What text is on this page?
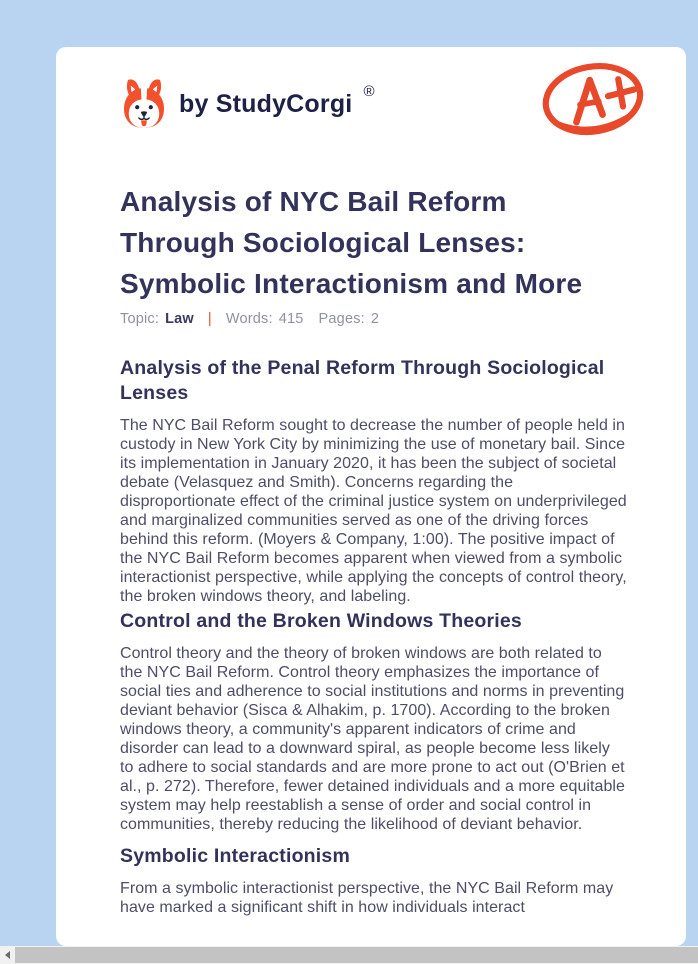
by StudyCorgi ®
Analysis of NYC Bail Reform
Through Sociological Lenses:
Symbolic Interactionism and More
Topic: Law | Words: 415 Pages: 2
Analysis of the Penal Reform Through Sociological Lenses

The NYC Bail Reform sought to decrease the number of people held in custody in New York City by minimizing the use of monetary bail. Since its implementation in January 2020, it has been the subject of societal debate (Velasquez and Smith). Concerns regarding the disproportionate effect of the criminal justice system on underprivileged and marginalized communities served as one of the driving forces behind this reform. (Moyers & Company, 1:00). The positive impact of the NYC Bail Reform becomes apparent when viewed from a symbolic interactionist perspective, while applying the concepts of control theory, the broken windows theory, and labeling.

Control and the Broken Windows Theories

Control theory and the theory of broken windows are both related to the NYC Bail Reform. Control theory emphasizes the importance of social ties and adherence to social institutions and norms in preventing deviant behavior (Sisca & Alhakim, p. 1700). According to the broken windows theory, a community's apparent indicators of crime and disorder can lead to a downward spiral, as people become less likely to adhere to social standards and are more prone to act out (O'Brien et al., p. 272). Therefore, fewer detained individuals and a more equitable system may help reestablish a sense of order and social control in communities, thereby reducing the likelihood of deviant behavior.

Symbolic Interactionism

From a symbolic interactionist perspective, the NYC Bail Reform may have marked a significant shift in how individuals interact
